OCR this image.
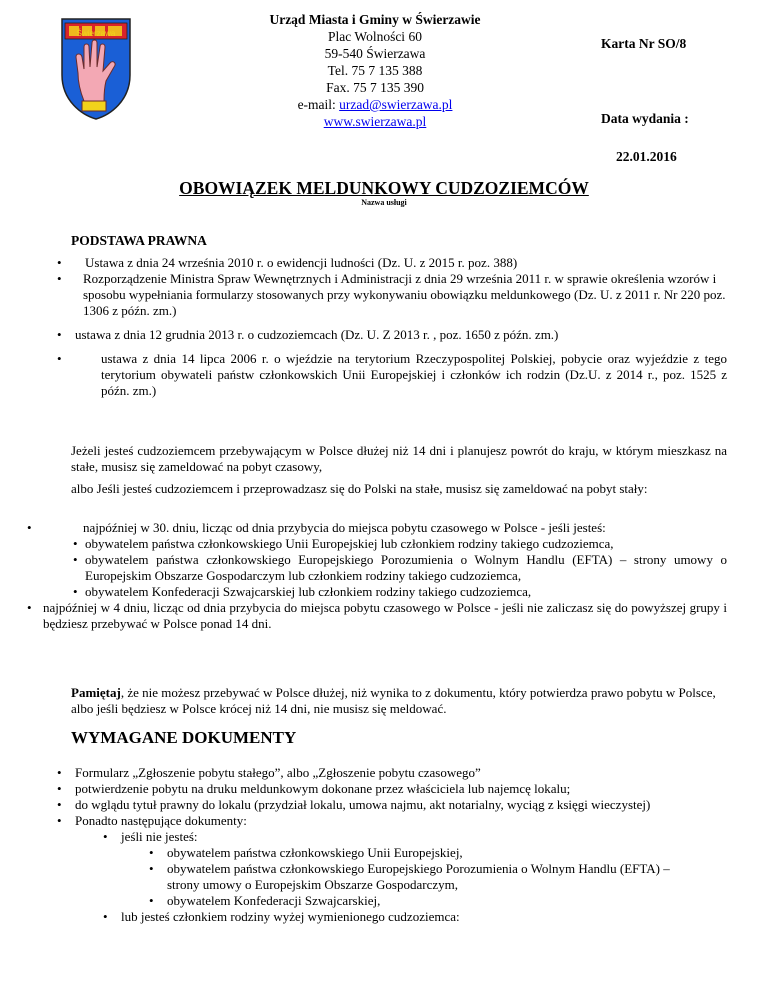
Świerzawa
Urząd Miasta i Gminy w Świerzawie
Plac Wolności 60
59-540 Świerzawa
Tel. 75 7 135 388
Fax. 75 7 135 390
e-mail: urzad@swierzawa.pl
www.swierzawa.pl
Karta Nr SO/8
Data wydania :
22.01.2016
OBOWIĄZEK MELDUNKOWY CUDZOZIEMCÓW
Nazwa usługi
PODSTAWA PRAWNA
• Ustawa z dnia 24 września 2010 r. o ewidencji ludności (Dz. U. z 2015 r. poz. 388)
• Rozporządzenie Ministra Spraw Wewnętrznych i Administracji z dnia 29 września 2011 r. w sprawie określenia wzorów i sposobu wypełniania formularzy stosowanych przy wykonywaniu obowiązku meldunkowego (Dz. U. z 2011 r. Nr 220 poz. 1306 z późn. zm.)
• ustawa z dnia 12 grudnia 2013 r. o cudzoziemcach (Dz. U. Z 2013 r. , poz. 1650 z późn. zm.)
• ustawa z dnia 14 lipca 2006 r. o wjeździe na terytorium Rzeczypospolitej Polskiej, pobycie oraz wyjeździe z tego terytorium obywateli państw członkowskich Unii Europejskiej i członków ich rodzin (Dz.U. z 2014 r., poz. 1525 z późn. zm.)
Jeżeli jesteś cudzoziemcem przebywającym w Polsce dłużej niż 14 dni i planujesz powrót do kraju, w którym mieszkasz na stałe, musisz się zameldować na pobyt czasowy,
albo Jeśli jesteś cudzoziemcem i przeprowadzasz się do Polski na stałe, musisz się zameldować na pobyt stały:
• najpóźniej w 30. dniu, licząc od dnia przybycia do miejsca pobytu czasowego w Polsce - jeśli jesteś:
• obywatelem państwa członkowskiego Unii Europejskiej lub członkiem rodziny takiego cudzoziemca,
• obywatelem państwa członkowskiego Europejskiego Porozumienia o Wolnym Handlu (EFTA) – strony umowy o Europejskim Obszarze Gospodarczym lub członkiem rodziny takiego cudzoziemca,
• obywatelem Konfederacji Szwajcarskiej lub członkiem rodziny takiego cudzoziemca,
• najpóźniej w 4 dniu, licząc od dnia przybycia do miejsca pobytu czasowego w Polsce - jeśli nie zaliczasz się do powyższej grupy i będziesz przebywać w Polsce ponad 14 dni.
Pamiętaj, że nie możesz przebywać w Polsce dłużej, niż wynika to z dokumentu, który potwierdza prawo pobytu w Polsce, albo jeśli będziesz w Polsce krócej niż 14 dni, nie musisz się meldować.
WYMAGANE DOKUMENTY
• Formularz „Zgłoszenie pobytu stałego”, albo „Zgłoszenie pobytu czasowego”
• potwierdzenie pobytu na druku meldunkowym dokonane przez właściciela lub najemcę lokalu;
• do wglądu tytuł prawny do lokalu (przydział lokalu, umowa najmu, akt notarialny, wyciąg z księgi wieczystej)
• Ponadto następujące dokumenty:
• jeśli nie jesteś:
• obywatelem państwa członkowskiego Unii Europejskiej,
• obywatelem państwa członkowskiego Europejskiego Porozumienia o Wolnym Handlu (EFTA) – strony umowy o Europejskim Obszarze Gospodarczym,
• obywatelem Konfederacji Szwajcarskiej,
• lub jesteś członkiem rodziny wyżej wymienionego cudzoziemca:
